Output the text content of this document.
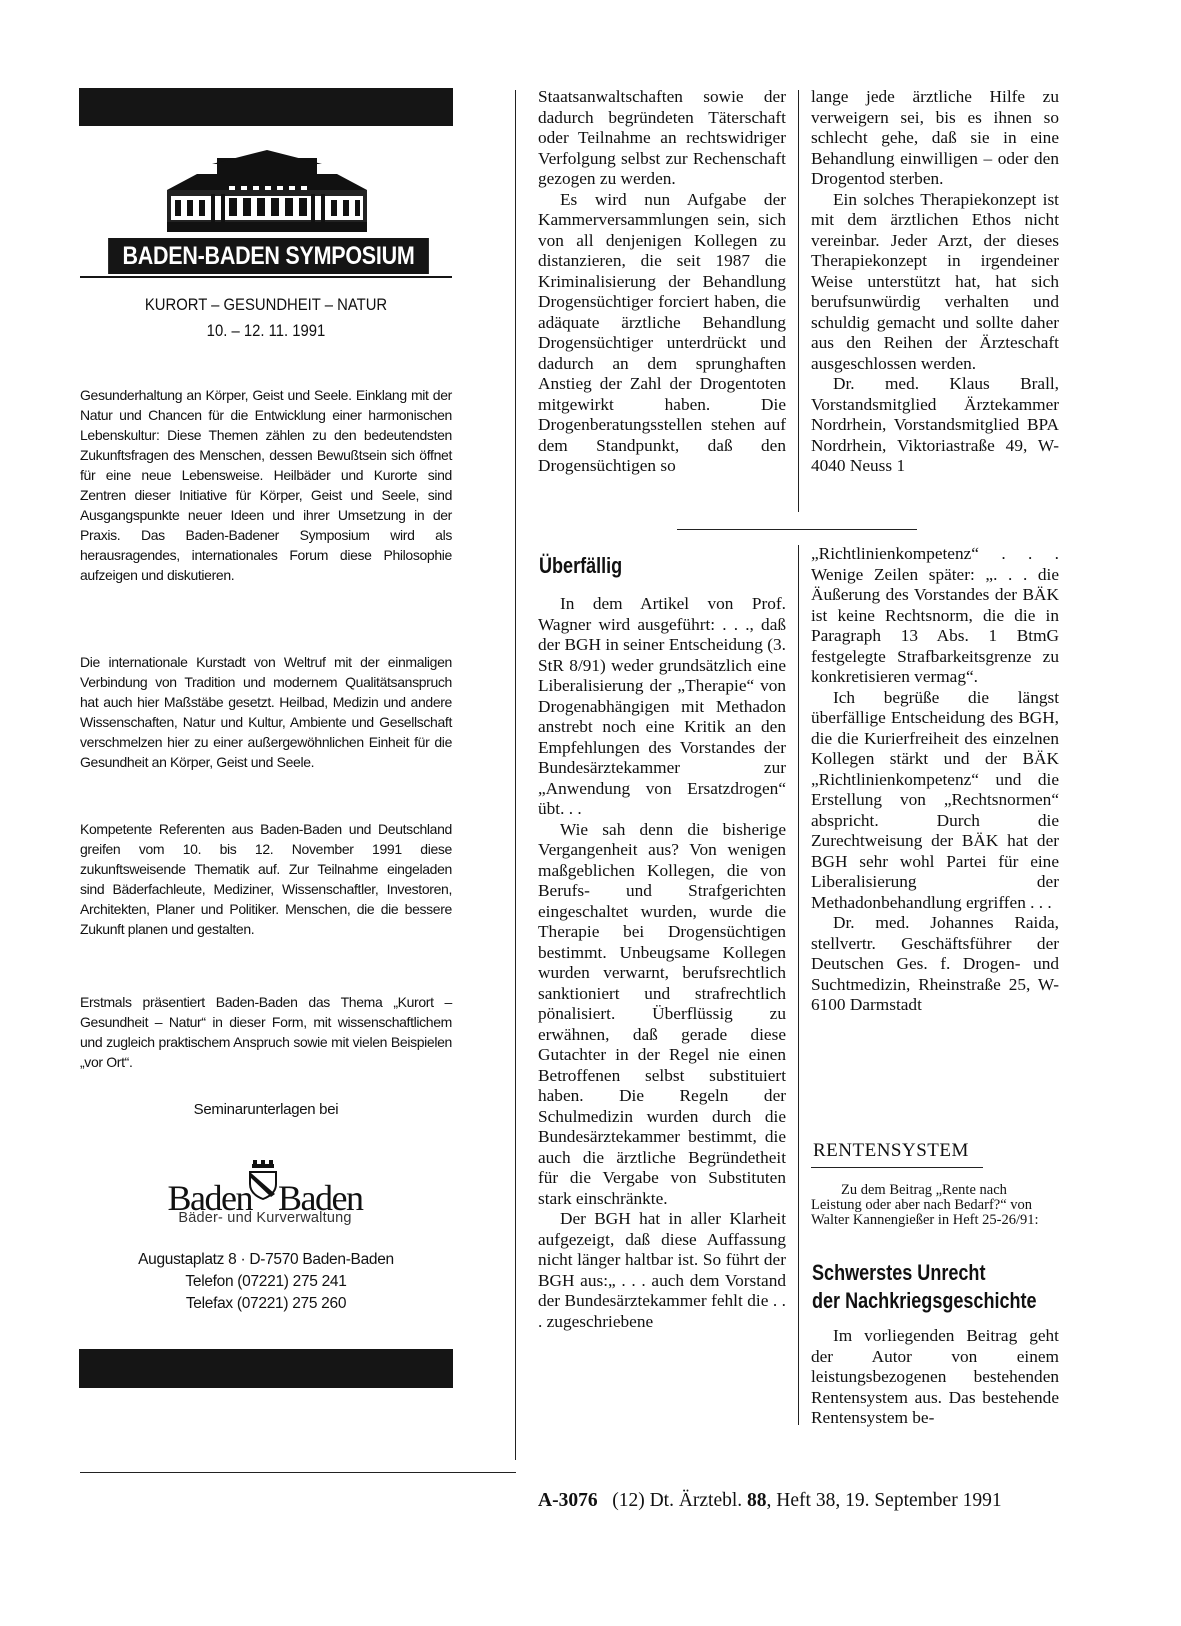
BADEN-BADEN SYMPOSIUM
KURORT – GESUNDHEIT – NATUR
10. – 12. 11. 1991
Gesunderhaltung an Körper, Geist und Seele. Einklang mit der Natur und Chancen für die Entwicklung einer harmonischen Lebenskultur: Diese Themen zählen zu den bedeutendsten Zukunftsfragen des Menschen, dessen Bewußtsein sich öffnet für eine neue Lebensweise. Heilbäder und Kurorte sind Zentren dieser Initiative für Körper, Geist und Seele, sind Ausgangspunkte neuer Ideen und ihrer Umsetzung in der Praxis. Das Baden-Badener Symposium wird als herausragendes, internationales Forum diese Philosophie aufzeigen und diskutieren.
Die internationale Kurstadt von Weltruf mit der einmaligen Verbindung von Tradition und modernem Qualitätsanspruch hat auch hier Maßstäbe gesetzt. Heilbad, Medizin und andere Wissenschaften, Natur und Kultur, Ambiente und Gesellschaft verschmelzen hier zu einer außergewöhnlichen Einheit für die Gesundheit an Körper, Geist und Seele.
Kompetente Referenten aus Baden-Baden und Deutschland greifen vom 10. bis 12. November 1991 diese zukunftsweisende Thematik auf. Zur Teilnahme eingeladen sind Bäderfachleute, Mediziner, Wissenschaftler, Investoren, Architekten, Planer und Politiker. Menschen, die die bessere Zukunft planen und gestalten.
Erstmals präsentiert Baden-Baden das Thema „Kurort – Gesundheit – Natur“ in dieser Form, mit wissenschaftlichem und zugleich praktischem Anspruch sowie mit vielen Beispielen „vor Ort“.
Seminarunterlagen bei
Baden Baden
Bäder- und Kurverwaltung
Augustaplatz 8 · D-7570 Baden-Baden
Telefon (07221) 275 241
Telefax (07221) 275 260

Staatsanwaltschaften sowie der dadurch begründeten Täterschaft oder Teilnahme an rechtswidriger Verfolgung selbst zur Rechenschaft gezogen zu werden.

Es wird nun Aufgabe der Kammerversammlungen sein, sich von all denjenigen Kollegen zu distanzieren, die seit 1987 die Kriminalisierung der Behandlung Drogensüchtiger forciert haben, die adäquate ärztliche Behandlung Drogensüchtiger unterdrückt und dadurch an dem sprunghaften Anstieg der Zahl der Drogentoten mitgewirkt haben. Die Drogenberatungsstellen stehen auf dem Standpunkt, daß den Drogensüchtigen so

lange jede ärztliche Hilfe zu verweigern sei, bis es ihnen so schlecht gehe, daß sie in eine Behandlung einwilligen – oder den Drogentod sterben.

Ein solches Therapiekonzept ist mit dem ärztlichen Ethos nicht vereinbar. Jeder Arzt, der dieses Therapiekonzept in irgendeiner Weise unterstützt hat, hat sich berufsunwürdig verhalten und schuldig gemacht und sollte daher aus den Reihen der Ärzteschaft ausgeschlossen werden.

Dr. med. Klaus Brall, Vorstandsmitglied Ärztekammer Nordrhein, Vorstandsmitglied BPA Nordrhein, Viktoriastraße 49, W-4040 Neuss 1

Überfällig

In dem Artikel von Prof. Wagner wird ausgeführt: . . ., daß der BGH in seiner Entscheidung (3. StR 8/91) weder grundsätzlich eine Liberalisierung der „Therapie“ von Drogenabhängigen mit Methadon anstrebt noch eine Kritik an den Empfehlungen des Vorstandes der Bundesärztekammer zur „Anwendung von Ersatzdrogen“ übt. . .

Wie sah denn die bisherige Vergangenheit aus? Von wenigen maßgeblichen Kollegen, die von Berufs- und Strafgerichten eingeschaltet wurden, wurde die Therapie bei Drogensüchtigen bestimmt. Unbeugsame Kollegen wurden verwarnt, berufsrechtlich sanktioniert und strafrechtlich pönalisiert. Überflüssig zu erwähnen, daß gerade diese Gutachter in der Regel nie einen Betroffenen selbst substituiert haben. Die Regeln der Schulmedizin wurden durch die Bundesärztekammer bestimmt, die auch die ärztliche Begründetheit für die Vergabe von Substituten stark einschränkte.

Der BGH hat in aller Klarheit aufgezeigt, daß diese Auffassung nicht länger haltbar ist. So führt der BGH aus:„ . . . auch dem Vorstand der Bundesärztekammer fehlt die . . . zugeschriebene

„Richtlinienkompetenz“ . . . Wenige Zeilen später: „. . . die Äußerung des Vorstandes der BÄK ist keine Rechtsnorm, die die in Paragraph 13 Abs. 1 BtmG festgelegte Strafbarkeitsgrenze zu konkretisieren vermag“.

Ich begrüße die längst überfällige Entscheidung des BGH, die die Kurierfreiheit des einzelnen Kollegen stärkt und der BÄK „Richtlinienkompetenz“ und die Erstellung von „Rechtsnormen“ abspricht. Durch die Zurechtweisung der BÄK hat der BGH sehr wohl Partei für eine Liberalisierung der Methadonbehandlung ergriffen . . .

Dr. med. Johannes Raida, stellvertr. Geschäftsführer der Deutschen Ges. f. Drogen- und Suchtmedizin, Rheinstraße 25, W-6100 Darmstadt

RENTENSYSTEM
Zu dem Beitrag „Rente nach Leistung oder aber nach Bedarf?“ von Walter Kannengießer in Heft 25-26/91:
Schwerstes Unrecht
der Nachkriegsgeschichte

Im vorliegenden Beitrag geht der Autor von einem leistungsbezogenen bestehenden Rentensystem aus. Das bestehende Rentensystem be-

A-3076 (12) Dt. Ärztebl. 88, Heft 38, 19. September 1991
